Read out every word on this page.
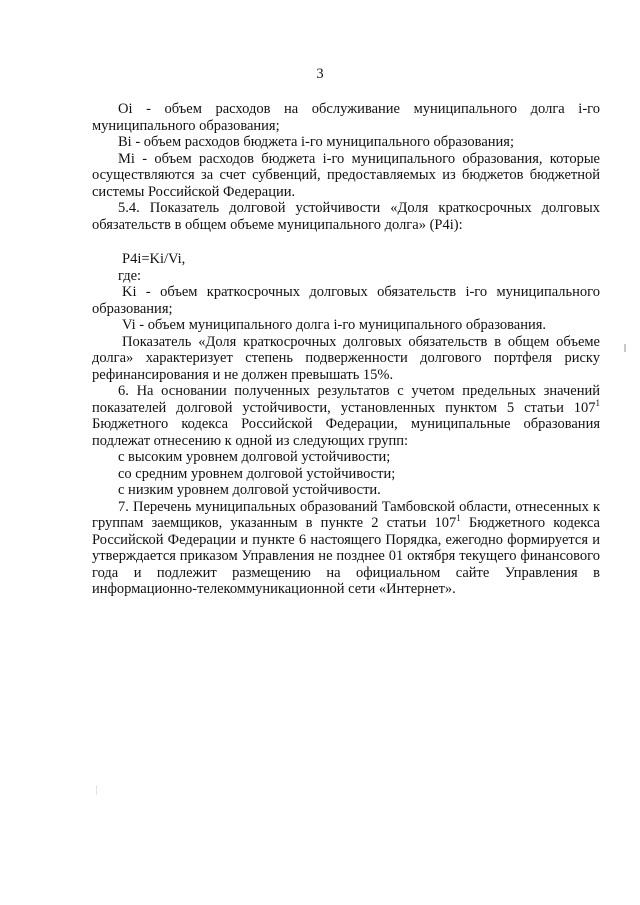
3

Oi - объем расходов на обслуживание муниципального долга i-го муниципального образования;

Bi - объем расходов бюджета i-го муниципального образования;

Mi - объем расходов бюджета i-го муниципального образования, которые осуществляются за счет субвенций, предоставляемых из бюджетов бюджетной системы Российской Федерации.

5.4. Показатель долговой устойчивости «Доля краткосрочных долговых обязательств в общем объеме муниципального долга» (P4i):

P4i=Ki/Vi,

где:

Ki - объем краткосрочных долговых обязательств i-го муниципального образования;

Vi - объем муниципального долга i-го муниципального образования.

Показатель «Доля краткосрочных долговых обязательств в общем объеме долга» характеризует степень подверженности долгового портфеля риску рефинансирования и не должен превышать 15%.

6. На основании полученных результатов с учетом предельных значений показателей долговой устойчивости, установленных пунктом 5 статьи $107^1$ Бюджетного кодекса Российской Федерации, муниципальные образования подлежат отнесению к одной из следующих групп:

с высоким уровнем долговой устойчивости;

со средним уровнем долговой устойчивости;

с низким уровнем долговой устойчивости.

7. Перечень муниципальных образований Тамбовской области, отнесенных к группам заемщиков, указанным в пункте 2 статьи $107^1$ Бюджетного кодекса Российской Федерации и пункте 6 настоящего Порядка, ежегодно формируется и утверждается приказом Управления не позднее 01 октября текущего финансового года и подлежит размещению на официальном сайте Управления в информационно-телекоммуникационной сети «Интернет».
